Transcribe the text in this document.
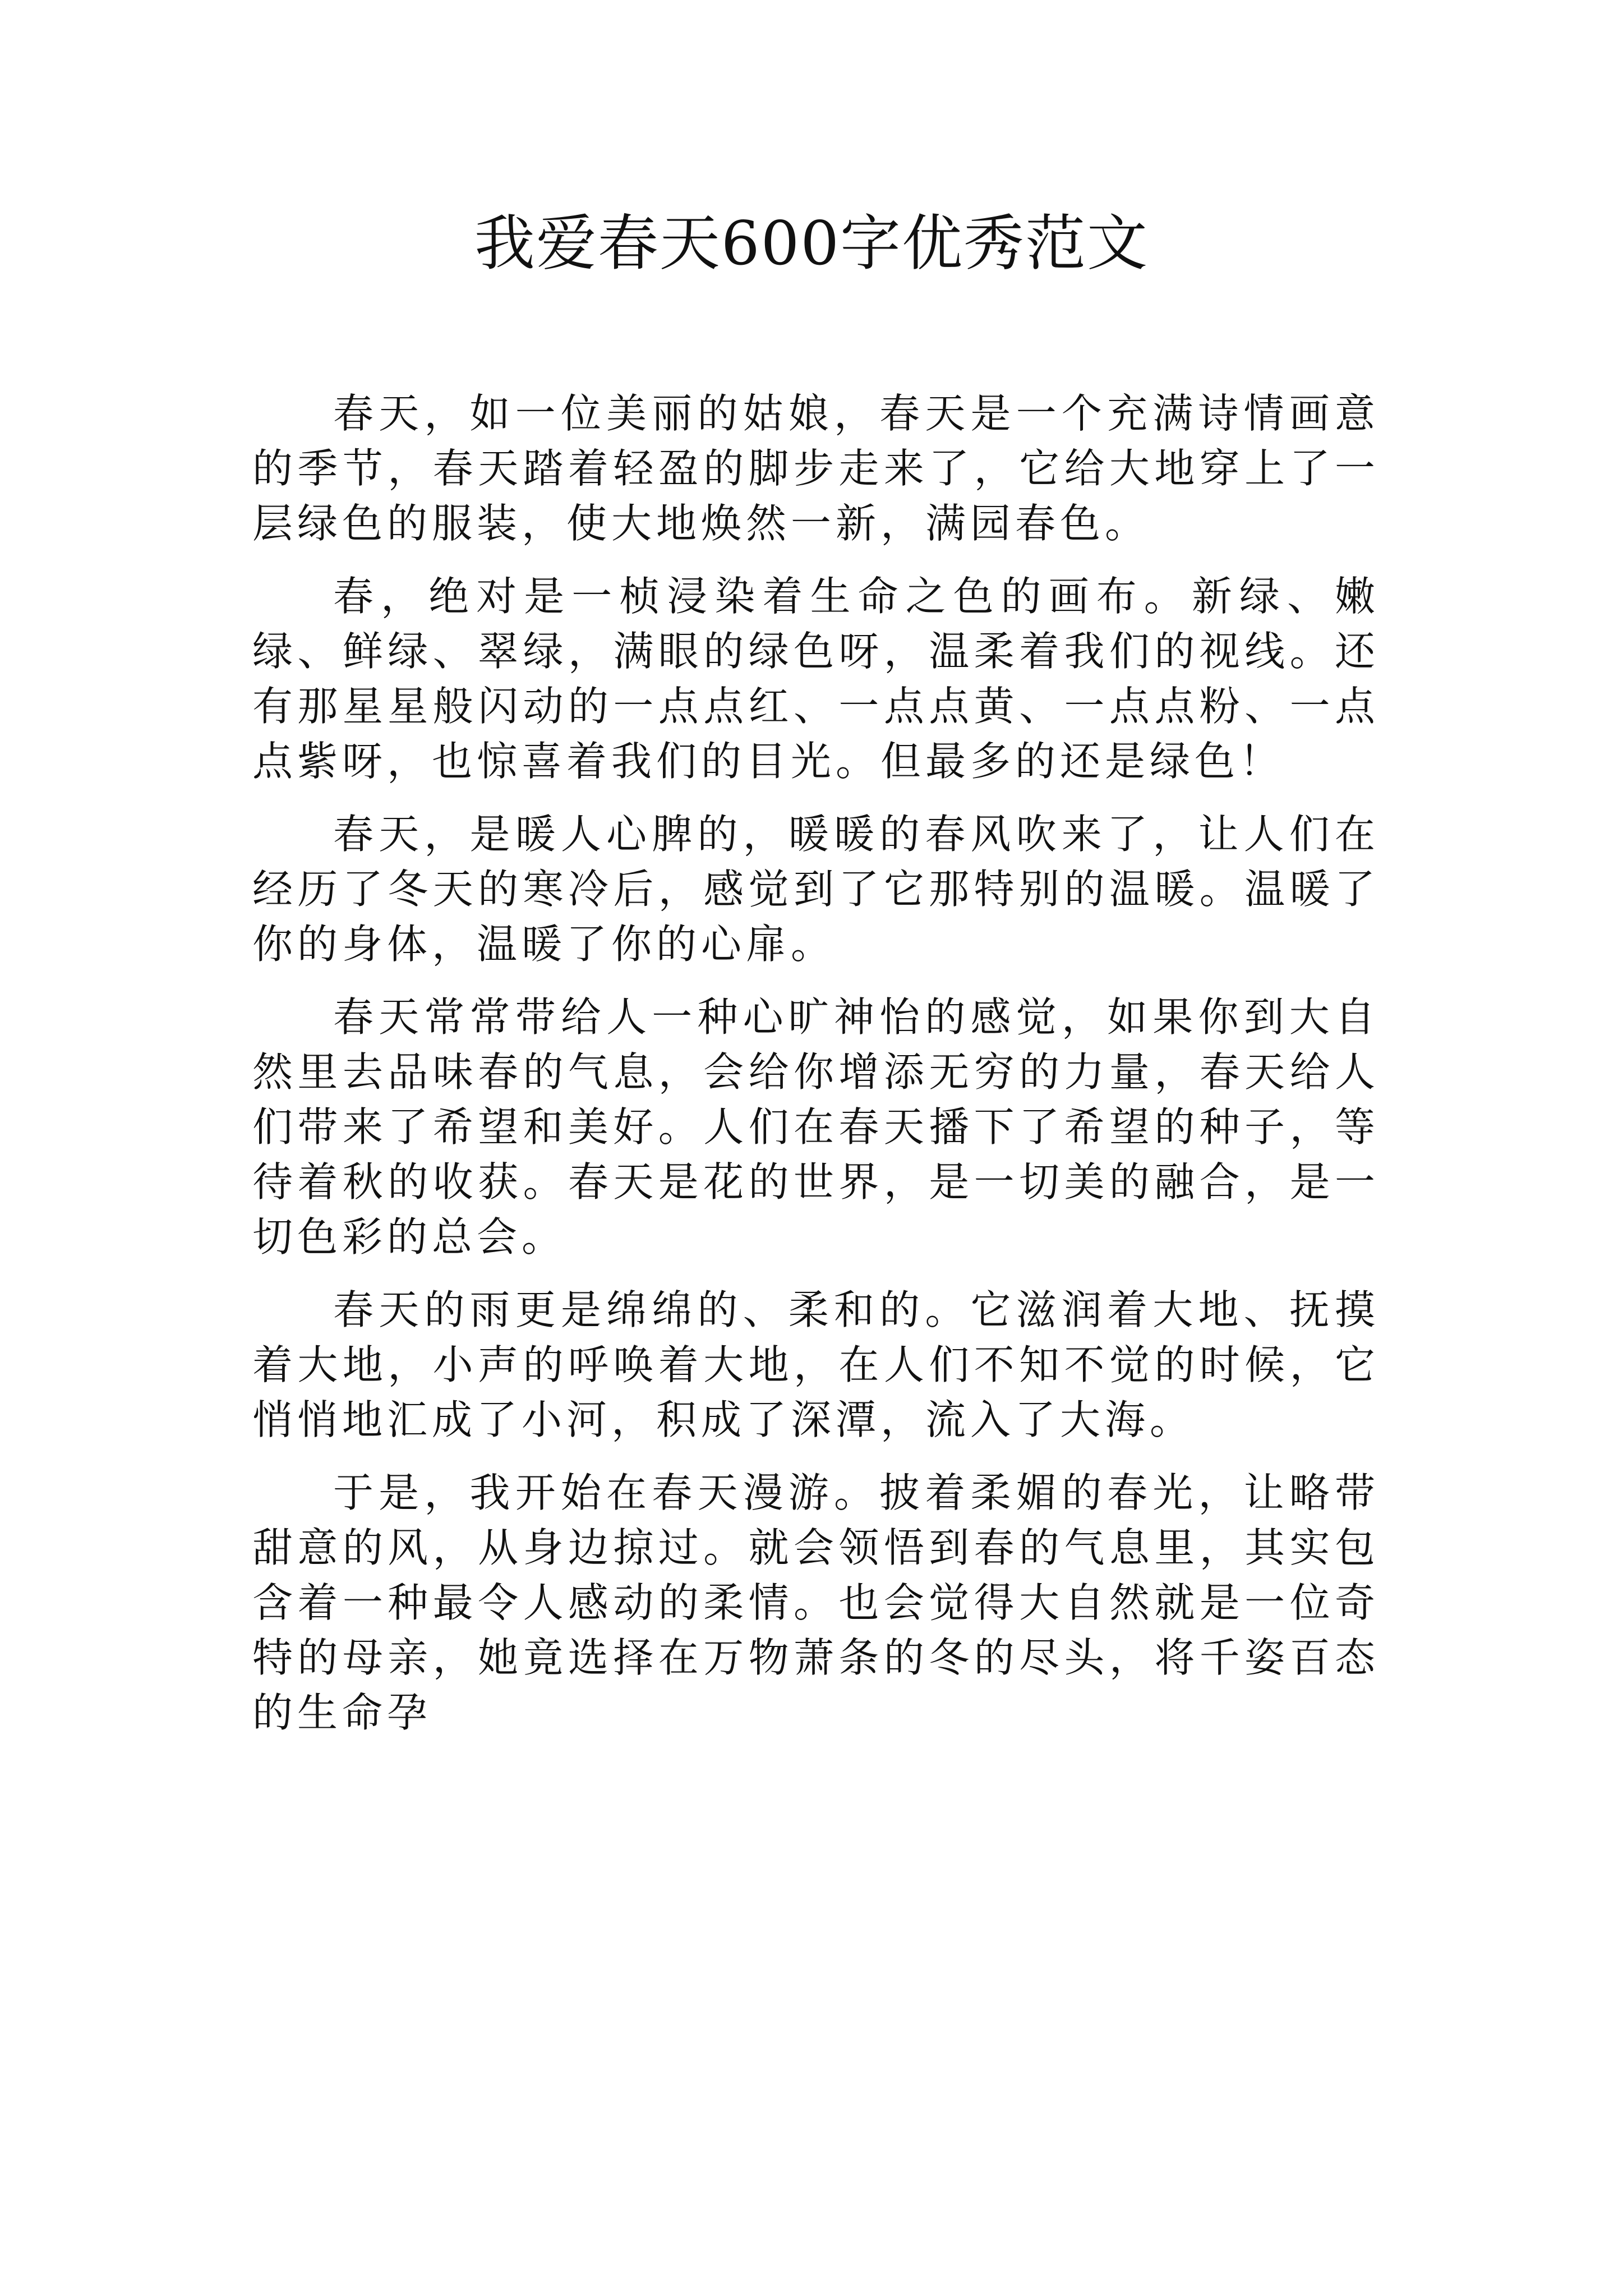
我爱春天600字优秀范文

春天，如一位美丽的姑娘，春天是一个充满诗情画意的季节，春天踏着轻盈的脚步走来了，它给大地穿上了一层绿色的服装，使大地焕然一新，满园春色。

春，绝对是一桢浸染着生命之色的画布。新绿、嫩绿、鲜绿、翠绿，满眼的绿色呀，温柔着我们的视线。还有那星星般闪动的一点点红、一点点黄、一点点粉、一点点紫呀，也惊喜着我们的目光。但最多的还是绿色！

春天，是暖人心脾的，暖暖的春风吹来了，让人们在经历了冬天的寒冷后，感觉到了它那特别的温暖。温暖了你的身体，温暖了你的心扉。

春天常常带给人一种心旷神怡的感觉，如果你到大自然里去品味春的气息，会给你增添无穷的力量，春天给人们带来了希望和美好。人们在春天播下了希望的种子，等待着秋的收获。春天是花的世界，是一切美的融合，是一切色彩的总会。

春天的雨更是绵绵的、柔和的。它滋润着大地、抚摸着大地，小声的呼唤着大地，在人们不知不觉的时候，它悄悄地汇成了小河，积成了深潭，流入了大海。

于是，我开始在春天漫游。披着柔媚的春光，让略带甜意的风，从身边掠过。就会领悟到春的气息里，其实包含着一种最令人感动的柔情。也会觉得大自然就是一位奇特的母亲，她竟选择在万物萧条的冬的尽头，将千姿百态的生命孕
